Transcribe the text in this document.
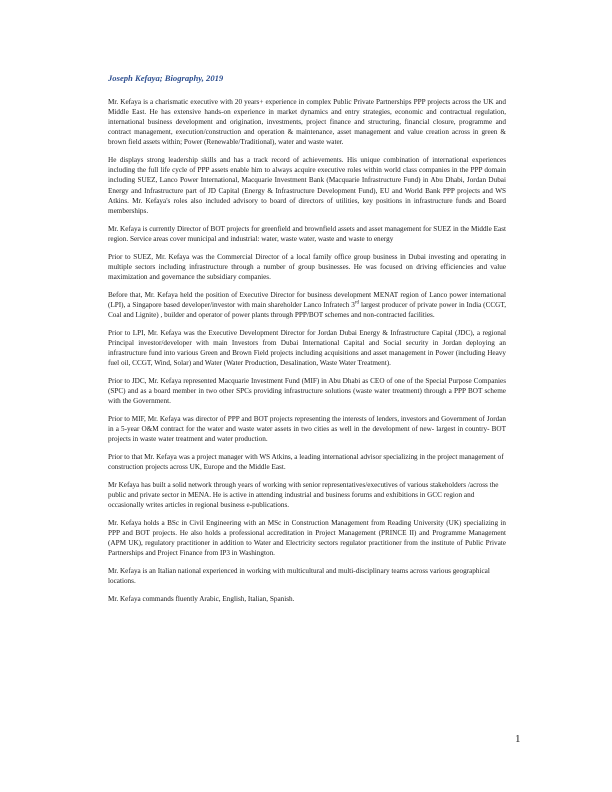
Joseph Kefaya; Biography, 2019

Mr. Kefaya is a charismatic executive with 20 years+ experience in complex Public Private Partnerships PPP projects across the UK and Middle East. He has extensive hands-on experience in market dynamics and entry strategies, economic and contractual regulation, international business development and origination, investments, project finance and structuring, financial closure, programme and contract management, execution/construction and operation & maintenance, asset management and value creation across in green & brown field assets within; Power (Renewable/Traditional), water and waste water.

He displays strong leadership skills and has a track record of achievements. His unique combination of international experiences including the full life cycle of PPP assets enable him to always acquire executive roles within world class companies in the PPP domain including SUEZ, Lanco Power International, Macquarie Investment Bank (Macquarie Infrastructure Fund) in Abu Dhabi, Jordan Dubai Energy and Infrastructure part of JD Capital (Energy & Infrastructure Development Fund), EU and World Bank PPP projects and WS Atkins. Mr. Kefaya's roles also included advisory to board of directors of utilities, key positions in infrastructure funds and Board memberships.

Mr. Kefaya is currently Director of BOT projects for greenfield and brownfield assets and asset management for SUEZ in the Middle East region. Service areas cover municipal and industrial: water, waste water, waste and waste to energy

Prior to SUEZ, Mr. Kefaya was the Commercial Director of a local family office group business in Dubai investing and operating in multiple sectors including infrastructure through a number of group businesses. He was focused on driving efficiencies and value maximization and governance the subsidiary companies.

Before that, Mr. Kefaya held the position of Executive Director for business development MENAT region of Lanco power international (LPI), a Singapore based developer/investor with main shareholder Lanco Infratech 3rd largest producer of private power in India (CCGT, Coal and Lignite) , builder and operator of power plants through PPP/BOT schemes and non-contracted facilities.

Prior to LPI, Mr. Kefaya was the Executive Development Director for Jordan Dubai Energy & Infrastructure Capital (JDC), a regional Principal investor/developer with main Investors from Dubai International Capital and Social security in Jordan deploying an infrastructure fund into various Green and Brown Field projects including acquisitions and asset management in Power (including Heavy fuel oil, CCGT, Wind, Solar) and Water (Water Production, Desalination, Waste Water Treatment).

Prior to JDC, Mr. Kefaya represented Macquarie Investment Fund (MIF) in Abu Dhabi as CEO of one of the Special Purpose Companies (SPC) and as a board member in two other SPCs providing infrastructure solutions (waste water treatment) through a PPP BOT scheme with the Government.

Prior to MIF, Mr. Kefaya was director of PPP and BOT projects representing the interests of lenders, investors and Government of Jordan in a 5-year O&M contract for the water and waste water assets in two cities as well in the development of new- largest in country- BOT projects in waste water treatment and water production.

Prior to that Mr. Kefaya was a project manager with WS Atkins, a leading international advisor specializing in the project management of construction projects across UK, Europe and the Middle East.

Mr Kefaya has built a solid network through years of working with senior representatives/executives of various stakeholders /across the public and private sector in MENA. He is active in attending industrial and business forums and exhibitions in GCC region and occasionally writes articles in regional business e-publications.

Mr. Kefaya holds a BSc in Civil Engineering with an MSc in Construction Management from Reading University (UK) specializing in PPP and BOT projects. He also holds a professional accreditation in Project Management (PRINCE II) and Programme Management (APM UK), regulatory practitioner in addition to Water and Electricity sectors regulator practitioner from the institute of Public Private Partnerships and Project Finance from IP3 in Washington.

Mr. Kefaya is an Italian national experienced in working with multicultural and multi-disciplinary teams across various geographical locations.

Mr. Kefaya commands fluently Arabic, English, Italian, Spanish.

1
